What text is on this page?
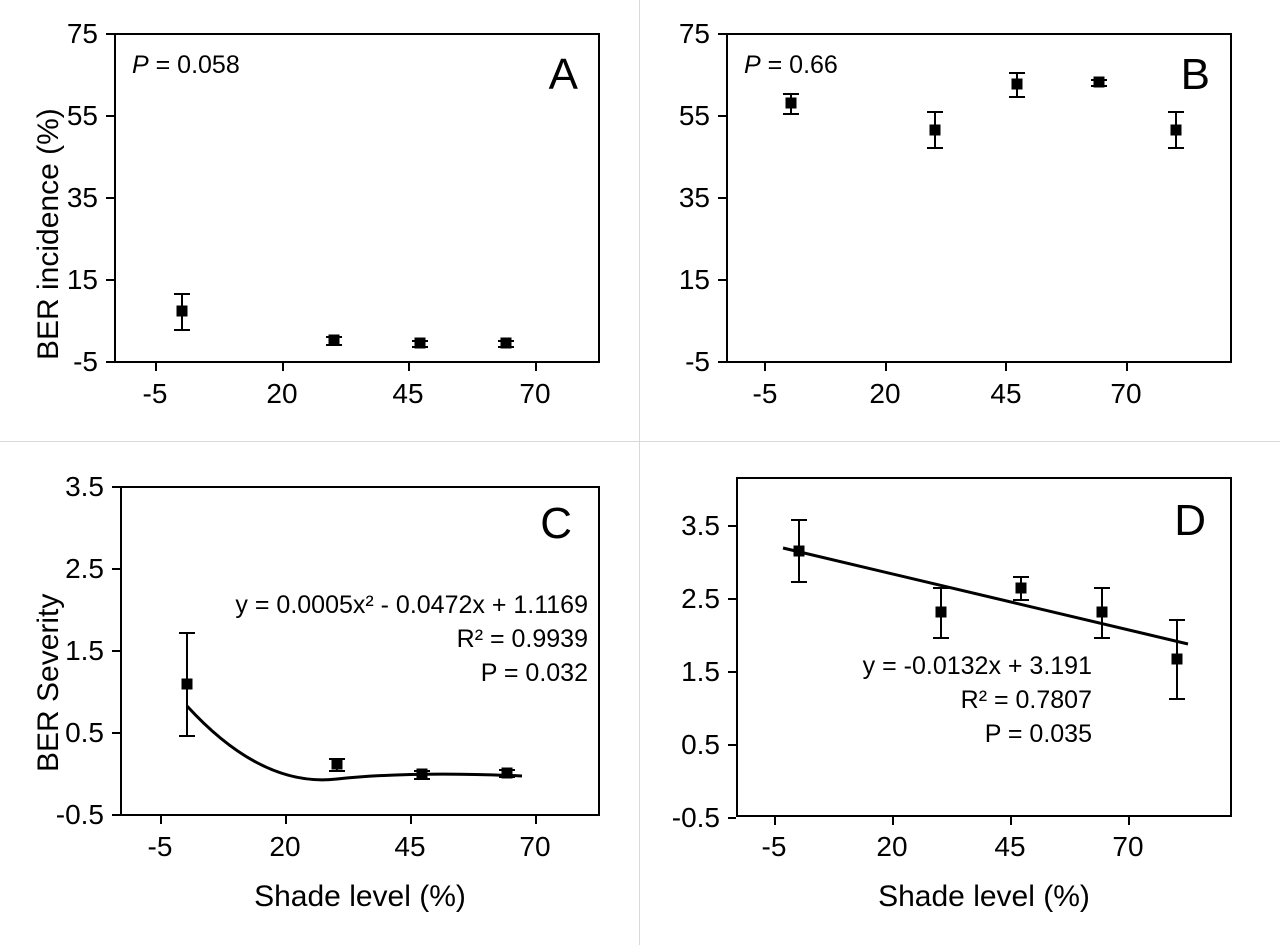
BER incidence (%)
75
55
35
15
-5
A
P = 0.058
-5	20	45	70
75
55
35
15
-5
B
P = 0.66
-5	20	45	70
BER Severity
3.5
2.5
1.5
0.5
-0.5
C
y = 0.0005x² - 0.0472x + 1.1169
R² = 0.9939
P = 0.032
-5	20	45	70
Shade level (%)
3.5
2.5
1.5
0.5
-0.5
D
y = -0.0132x + 3.191
R² = 0.7807
P = 0.035
-5	20	45	70
Shade level (%)
